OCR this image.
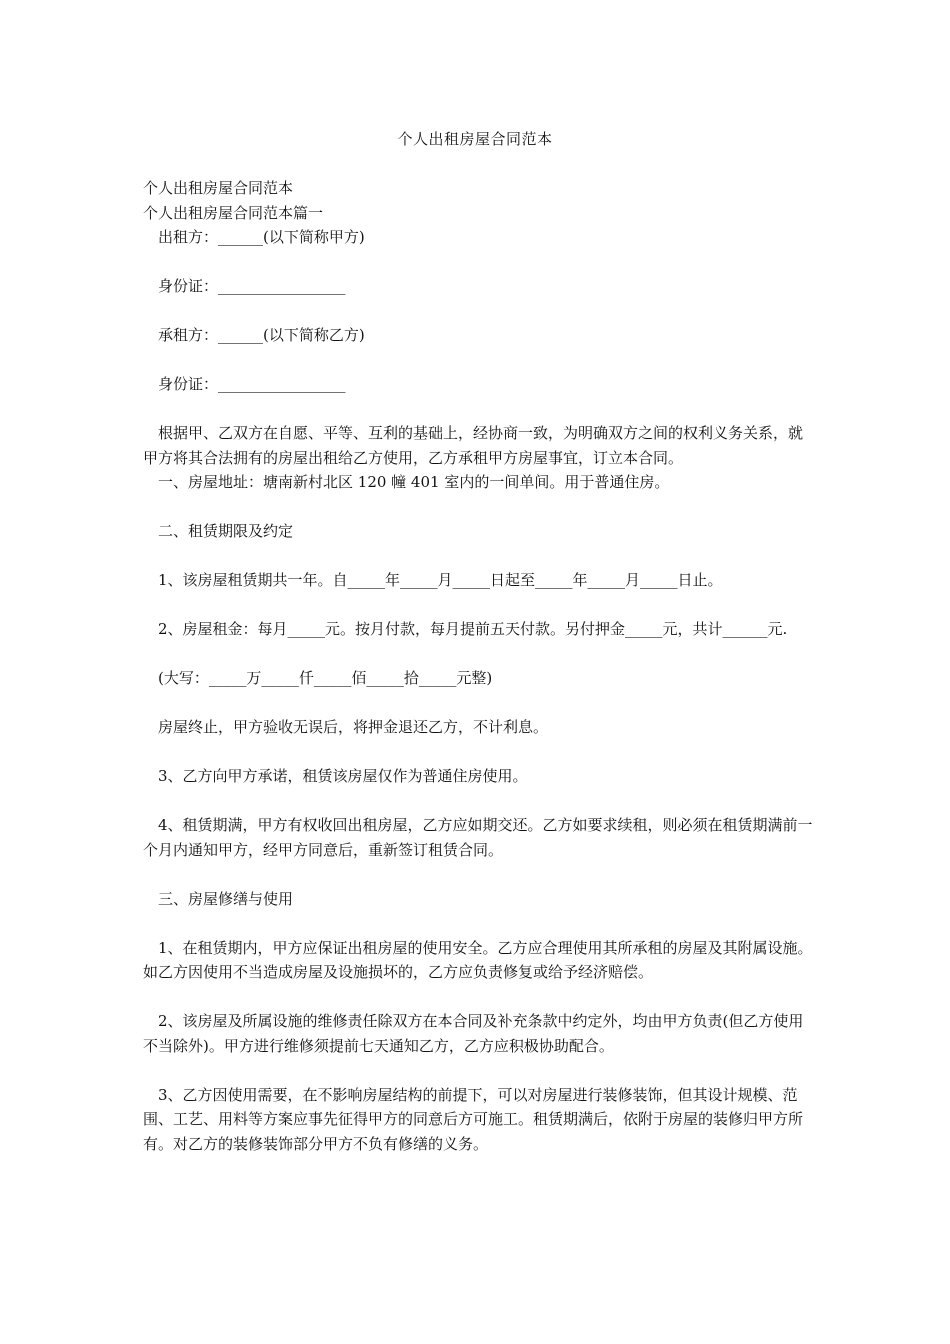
个人出租房屋合同范本

个人出租房屋合同范本

个人出租房屋合同范本篇一

　出租方：______(以下简称甲方)

　身份证：_________________

　承租方：______(以下简称乙方)

　身份证：_________________

　根据甲、乙双方在自愿、平等、互利的基础上，经协商一致，为明确双方之间的权利义务关系，就甲方将其合法拥有的房屋出租给乙方使用，乙方承租甲方房屋事宜，订立本合同。

　一、房屋地址：塘南新村北区 120 幢 401 室内的一间单间。用于普通住房。

　二、租赁期限及约定

　1、该房屋租赁期共一年。自_____年_____月_____日起至_____年_____月_____日止。

　2、房屋租金：每月_____元。按月付款，每月提前五天付款。另付押金_____元，共计______元.

　(大写：_____万_____仟_____佰_____拾_____元整)

　房屋终止，甲方验收无误后，将押金退还乙方，不计利息。

　3、乙方向甲方承诺，租赁该房屋仅作为普通住房使用。

　4、租赁期满，甲方有权收回出租房屋，乙方应如期交还。乙方如要求续租，则必须在租赁期满前一个月内通知甲方，经甲方同意后，重新签订租赁合同。

　三、房屋修缮与使用

　1、在租赁期内，甲方应保证出租房屋的使用安全。乙方应合理使用其所承租的房屋及其附属设施。如乙方因使用不当造成房屋及设施损坏的，乙方应负责修复或给予经济赔偿。

　2、该房屋及所属设施的维修责任除双方在本合同及补充条款中约定外，均由甲方负责(但乙方使用不当除外)。甲方进行维修须提前七天通知乙方，乙方应积极协助配合。

　3、乙方因使用需要，在不影响房屋结构的前提下，可以对房屋进行装修装饰，但其设计规模、范围、工艺、用料等方案应事先征得甲方的同意后方可施工。租赁期满后，依附于房屋的装修归甲方所有。对乙方的装修装饰部分甲方不负有修缮的义务。
